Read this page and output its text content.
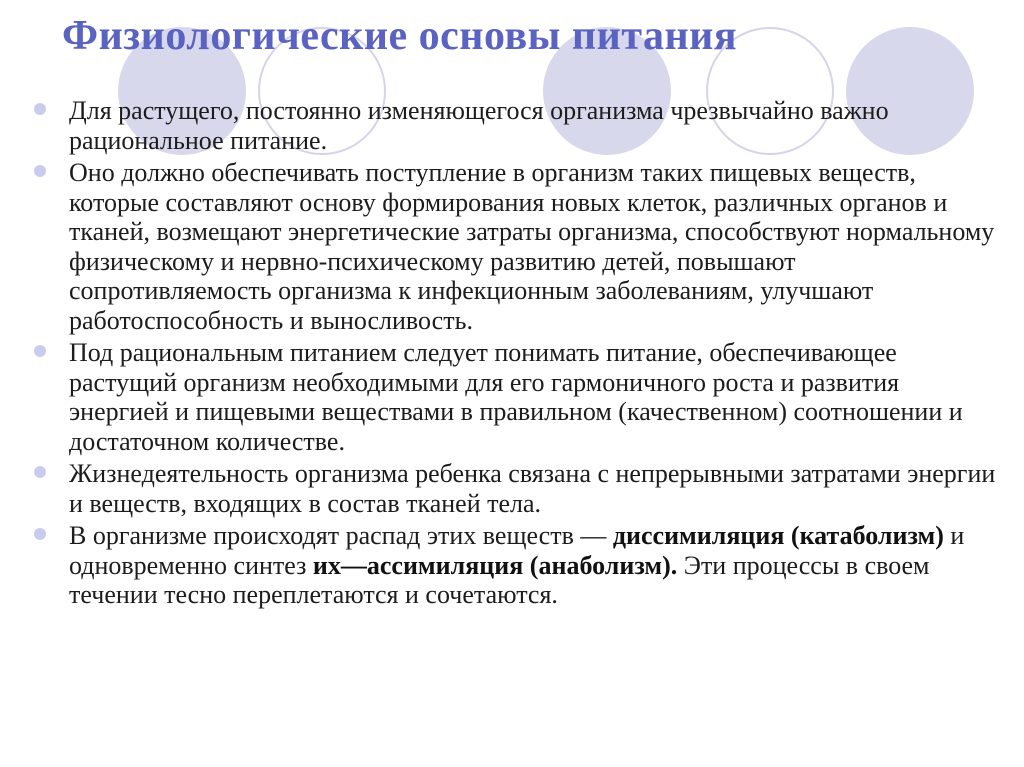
Физиологические основы питания
Для растущего, постоянно изменяющегося организма чрезвычайно важно рациональное питание.
Оно должно обеспечивать поступление в организм таких пищевых веществ, которые составляют основу формирования новых клеток, различных органов и тканей, возмещают энергетические затраты организма, способствуют нормальному физическому и нервно-психическому развитию детей, повышают сопротивляемость организма к инфекционным заболеваниям, улучшают работоспособность и выносливость.
Под рациональным питанием следует понимать питание, обеспечивающее растущий организм необходимыми для его гармоничного роста и развития энергией и пищевыми веществами в правильном (качественном) соотношении и достаточном количестве.
Жизнедеятельность организма ребенка связана с непрерывными затратами энергии и веществ, входящих в состав тканей тела.
В организме происходят распад этих веществ — диссимиляция (катаболизм) и одновременно синтез их—ассимиляция (анаболизм). Эти процессы в своем течении тесно переплетаются и сочетаются.
